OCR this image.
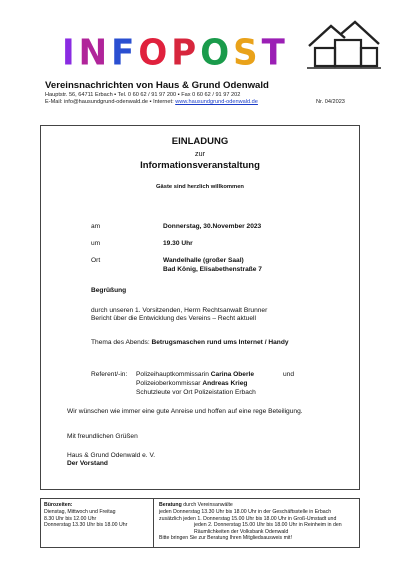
I N F O P O S T
Vereinsnachrichten von Haus & Grund Odenwald
Hauptstr. 56, 64711 Erbach ▪ Tel. 0 60 62 / 91 97 200 ▪ Fax 0 60 62 / 91 97 202
E-Mail: info@hausundgrund-odenwald.de ▪ Internet: www.hausundgrund-odenwald.de	Nr. 04/2023
EINLADUNG
zur
Informationsveranstaltung
Gäste sind herzlich willkommen
am	Donnerstag, 30.November 2023
um	19.30 Uhr
Ort	Wandelhalle (großer Saal)
Bad König, Elisabethenstraße 7
Begrüßung
durch unseren 1. Vorsitzenden, Herrn Rechtsanwalt Brunner
Bericht über die Entwicklung des Vereins – Recht aktuell
Thema des Abends: Betrugsmaschen rund ums Internet / Handy
Referent/-in: Polizeihauptkommissarin Carina Oberle	und
Polizeioberkommissar Andreas Krieg
Schutzleute vor Ort Polizeistation Erbach
Wir wünschen wie immer eine gute Anreise und hoffen auf eine rege Beteiligung.
Mit freundlichen Grüßen
Haus & Grund Odenwald e. V.
Der Vorstand
Bürozeiten:
Dienstag, Mittwoch und Freitag
8.30 Uhr bis 12.00 Uhr
Donnerstag 13.30 Uhr bis 18.00 Uhr
Beratung durch Vereinsanwälte
jeden Donnerstag 13.30 Uhr bis 18.00 Uhr in der Geschäftsstelle in Erbach
zusätzlich jeden 1. Donnerstag 15.00 Uhr bis 18.00 Uhr in Groß-Umstadt und
jeden 2. Donnerstag 15.00 Uhr bis 18.00 Uhr in Reinheim in den
Räumlichkeiten der Volksbank Odenwald
Bitte bringen Sie zur Beratung Ihren Mitgliedsausweis mit!
